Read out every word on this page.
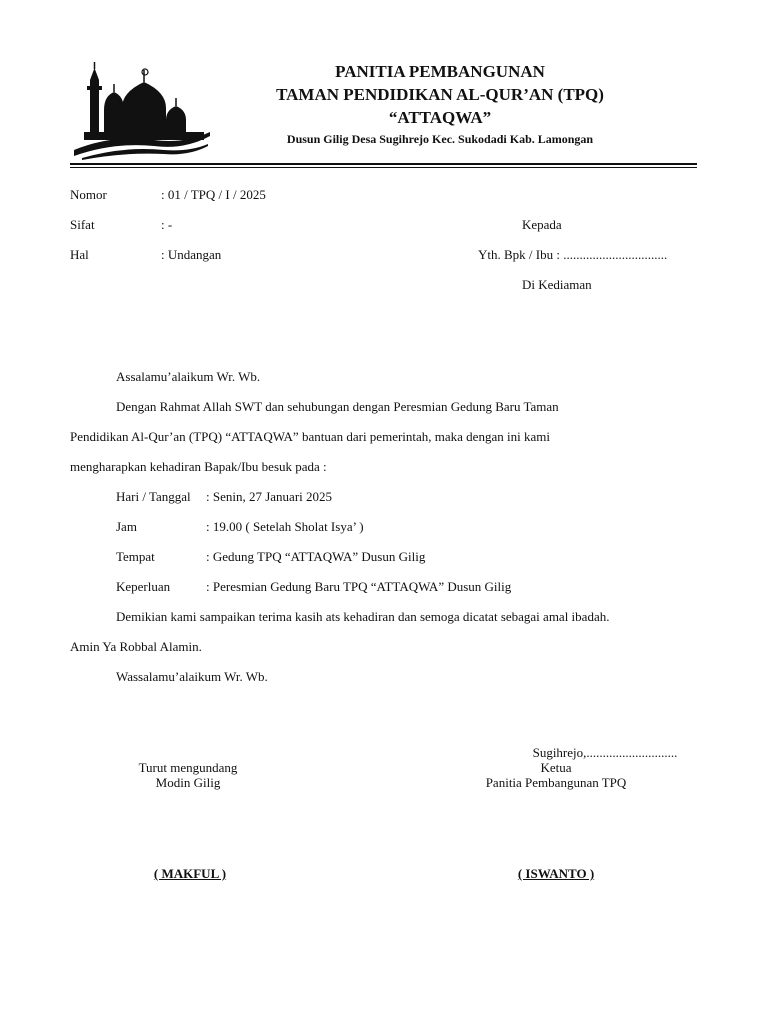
PANITIA PEMBANGUNAN
TAMAN PENDIDIKAN AL-QUR’AN (TPQ)
“ATTAQWA”
Dusun Gilig Desa Sugihrejo Kec. Sukodadi Kab. Lamongan
Nomor	: 01 / TPQ / I / 2025
Sifat	: -
Hal	: Undangan
Kepada
Yth. Bpk / Ibu : ................................
Di Kediaman
Assalamu’alaikum Wr. Wb.
Dengan Rahmat Allah SWT dan sehubungan dengan Peresmian Gedung Baru Taman
Pendidikan Al-Qur’an (TPQ) “ATTAQWA” bantuan dari pemerintah, maka dengan ini kami
mengharapkan kehadiran Bapak/Ibu besuk pada :
Hari / Tanggal : Senin, 27 Januari 2025
Jam	: 19.00 ( Setelah Sholat Isya’ )
Tempat	: Gedung TPQ “ATTAQWA” Dusun Gilig
Keperluan	: Peresmian Gedung Baru TPQ “ATTAQWA” Dusun Gilig
Demikian kami sampaikan terima kasih ats kehadiran dan semoga dicatat sebagai amal ibadah.
Amin Ya Robbal Alamin.
Wassalamu’alaikum Wr. Wb.
Turut mengundang
Modin Gilig
( MAKFUL )
Sugihrejo,............................
Ketua
Panitia Pembangunan TPQ
( ISWANTO )
